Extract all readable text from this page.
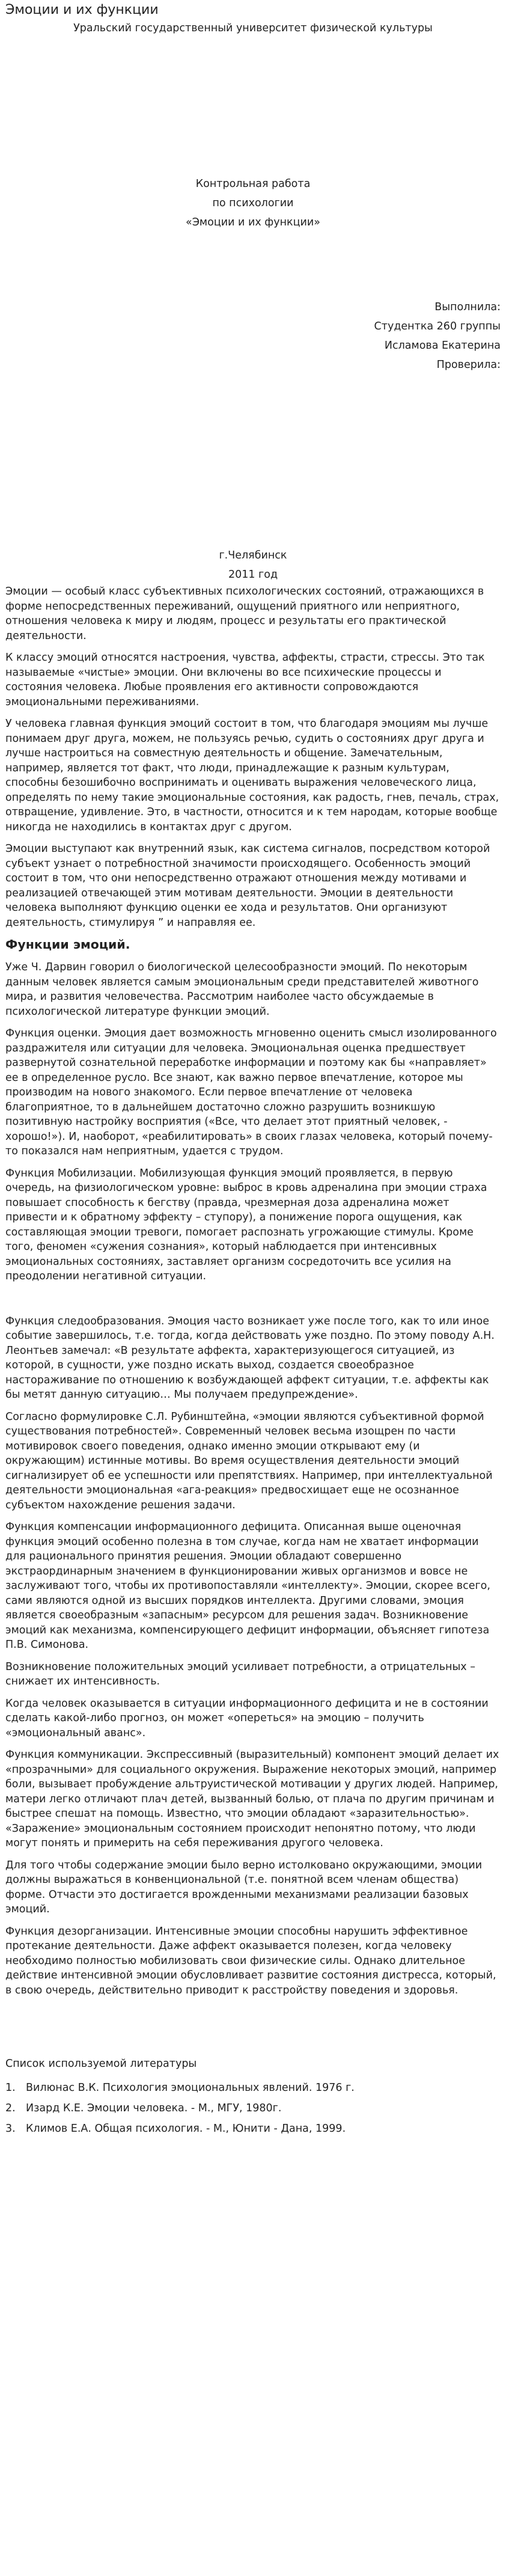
Эмоции и их функции
Уральский государственный университет физической культуры
Контрольная работа
по психологии
«Эмоции и их функции»
Выполнила:
Студентка 260 группы
Исламова Екатерина
Проверила:
г.Челябинск
2011 год

Эмоции — особый класс субъективных психологических состояний, отражающихся в форме непосредственных переживаний, ощущений приятного или неприятного, отношения человека к миру и людям, процесс и результаты его практической деятельности.

К классу эмоций относятся настроения, чувства, аффекты, страсти, стрессы. Это так называемые «чистые» эмоции. Они включены во все психические процессы и состояния человека. Любые проявления его активности сопровождаются эмоциональными переживаниями.

У человека главная функция эмоций состоит в том, что благодаря эмоциям мы лучше понимаем друг друга, можем, не пользуясь речью, судить о состояниях друг друга и лучше настроиться на совместную деятельность и общение. Замечательным, например, является тот факт, что люди, принадлежащие к разным культурам, способны безошибочно воспринимать и оценивать выражения человеческого лица, определять по нему такие эмоциональные состояния, как радость, гнев, печаль, страх, отвращение, удивление. Это, в частности, относится и к тем народам, которые вообще никогда не находились в контактах друг с другом.

Эмоции выступают как внутренний язык, как система сигналов, посредством которой субъект узнает о потребностной значимости происходящего. Особенность эмоций состоит в том, что они непосредственно отражают отношения между мотивами и реализацией отвечающей этим мотивам деятельности. Эмоции в деятельности человека выполняют функцию оценки ее хода и результатов. Они организуют деятельность, стимулируя ” и направляя ее.

Функции эмоций.

Уже Ч. Дарвин говорил о биологической целесообразности эмоций. По некоторым данным человек является самым эмоциональным среди представителей животного мира, и развития человечества. Рассмотрим наиболее часто обсуждаемые в психологической литературе функции эмоций.

Функция оценки. Эмоция дает возможность мгновенно оценить смысл изолированного раздражителя или ситуации для человека. Эмоциональная оценка предшествует развернутой сознательной переработке информации и поэтому как бы «направляет» ее в определенное русло. Все знают, как важно первое впечатление, которое мы производим на нового знакомого. Если первое впечатление от человека благоприятное, то в дальнейшем достаточно сложно разрушить возникшую позитивную настройку восприятия («Все, что делает этот приятный человек, - хорошо!»). И, наоборот, «реабилитировать» в своих глазах человека, который почему-то показался нам неприятным, удается с трудом.

Функция Мобилизации. Мобилизующая функция эмоций проявляется, в первую очередь, на физиологическом уровне: выброс в кровь адреналина при эмоции страха повышает способность к бегству (правда, чрезмерная доза адреналина может привести и к обратному эффекту – ступору), а понижение порога ощущения, как составляющая эмоции тревоги, помогает распознать угрожающие стимулы. Кроме того, феномен «сужения сознания», который наблюдается при интенсивных эмоциональных состояниях, заставляет организм сосредоточить все усилия на преодолении негативной ситуации.

Функция следообразования. Эмоция часто возникает уже после того, как то или иное событие завершилось, т.е. тогда, когда действовать уже поздно. По этому поводу А.Н. Леонтьев замечал: «В результате аффекта, характеризующегося ситуацией, из которой, в сущности, уже поздно искать выход, создается своеобразное настораживание по отношению к возбуждающей аффект ситуации, т.е. аффекты как бы метят данную ситуацию… Мы получаем предупреждение».

Согласно формулировке С.Л. Рубинштейна, «эмоции являются субъективной формой существования потребностей». Современный человек весьма изощрен по части мотивировок своего поведения, однако именно эмоции открывают ему (и окружающим) истинные мотивы. Во время осуществления деятельности эмоций сигнализирует об ее успешности или препятствиях. Например, при интеллектуальной деятельности эмоциональная «ага-реакция» предвосхищает еще не осознанное субъектом нахождение решения задачи.

Функция компенсации информационного дефицита. Описанная выше оценочная функция эмоций особенно полезна в том случае, когда нам не хватает информации для рационального принятия решения. Эмоции обладают совершенно экстраординарным значением в функционировании живых организмов и вовсе не заслуживают того, чтобы их противопоставляли «интеллекту». Эмоции, скорее всего, сами являются одной из высших порядков интеллекта. Другими словами, эмоция является своеобразным «запасным» ресурсом для решения задач. Возникновение эмоций как механизма, компенсирующего дефицит информации, объясняет гипотеза П.В. Симонова.

Возникновение положительных эмоций усиливает потребности, а отрицательных – снижает их интенсивность.

Когда человек оказывается в ситуации информационного дефицита и не в состоянии сделать какой-либо прогноз, он может «опереться» на эмоцию – получить «эмоциональный аванс».

Функция коммуникации. Экспрессивный (выразительный) компонент эмоций делает их «прозрачными» для социального окружения. Выражение некоторых эмоций, например боли, вызывает пробуждение альтруистической мотивации у других людей. Например, матери легко отличают плач детей, вызванный болью, от плача по другим причинам и быстрее спешат на помощь. Известно, что эмоции обладают «заразительностью». «Заражение» эмоциональным состоянием происходит непонятно потому, что люди могут понять и примерить на себя переживания другого человека.

Для того чтобы содержание эмоции было верно истолковано окружающими, эмоции должны выражаться в конвенциональной (т.е. понятной всем членам общества) форме. Отчасти это достигается врожденными механизмами реализации базовых эмоций.

Функция дезорганизации. Интенсивные эмоции способны нарушить эффективное протекание деятельности. Даже аффект оказывается полезен, когда человеку необходимо полностью мобилизовать свои физические силы. Однако длительное действие интенсивной эмоции обусловливает развитие состояния дистресса, который, в свою очередь, действительно приводит к расстройству поведения и здоровья.

Список используемой литературы
1. Вилюнас В.К. Психология эмоциональных явлений. 1976 г.
2. Изард К.Е. Эмоции человека. - М., МГУ, 1980г.
3. Климов Е.А. Общая психология. - М., Юнити - Дана, 1999.
